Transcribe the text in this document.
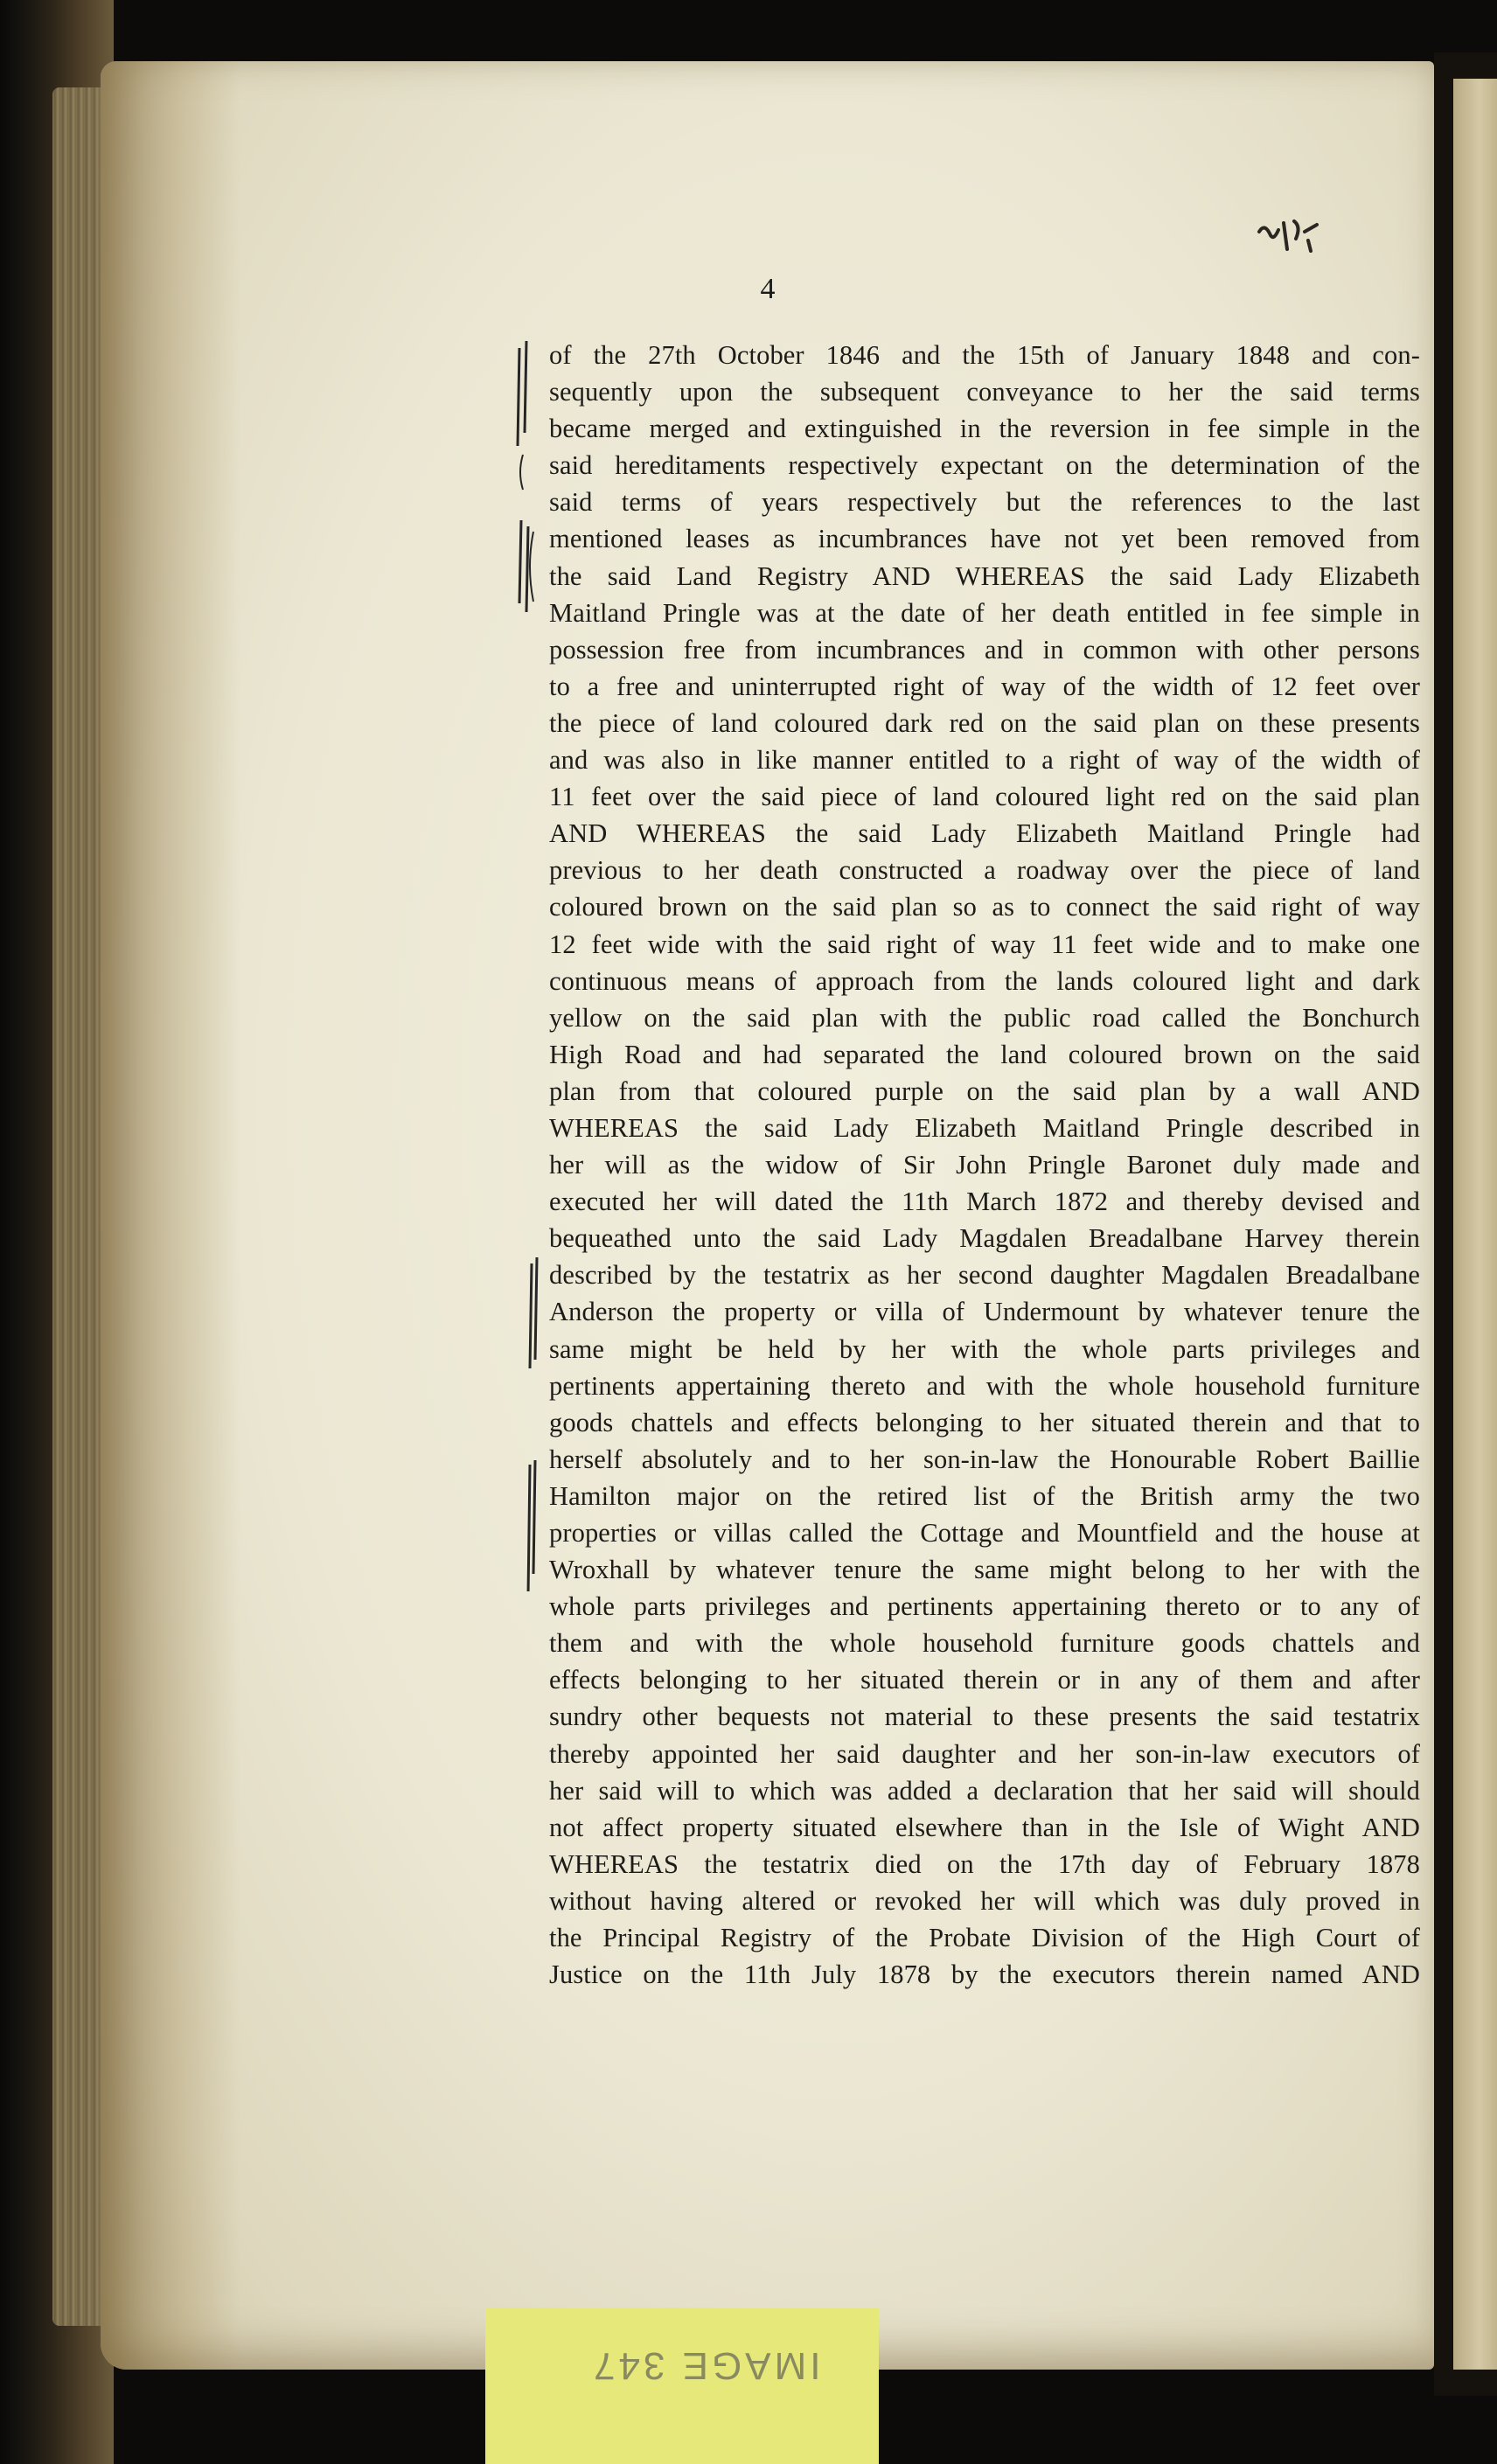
4
of the 27th October 1846 and the 15th of January 1848 and con-
sequently upon the subsequent conveyance to her the said terms
became merged and extinguished in the reversion in fee simple in the
said hereditaments respectively expectant on the determination of the
said terms of years respectively but the references to the last
mentioned leases as incumbrances have not yet been removed from
the said Land Registry AND WHEREAS the said Lady Elizabeth
Maitland Pringle was at the date of her death entitled in fee simple in
possession free from incumbrances and in common with other persons
to a free and uninterrupted right of way of the width of 12 feet over
the piece of land coloured dark red on the said plan on these presents
and was also in like manner entitled to a right of way of the width of
11 feet over the said piece of land coloured light red on the said plan
AND WHEREAS the said Lady Elizabeth Maitland Pringle had
previous to her death constructed a roadway over the piece of land
coloured brown on the said plan so as to connect the said right of way
12 feet wide with the said right of way 11 feet wide and to make one
continuous means of approach from the lands coloured light and dark
yellow on the said plan with the public road called the Bonchurch
High Road and had separated the land coloured brown on the said
plan from that coloured purple on the said plan by a wall AND
WHEREAS the said Lady Elizabeth Maitland Pringle described in
her will as the widow of Sir John Pringle Baronet duly made and
executed her will dated the 11th March 1872 and thereby devised and
bequeathed unto the said Lady Magdalen Breadalbane Harvey therein
described by the testatrix as her second daughter Magdalen Breadalbane
Anderson the property or villa of Undermount by whatever tenure the
same might be held by her with the whole parts privileges and
pertinents appertaining thereto and with the whole household furniture
goods chattels and effects belonging to her situated therein and that to
herself absolutely and to her son-in-law the Honourable Robert Baillie
Hamilton major on the retired list of the British army the two
properties or villas called the Cottage and Mountfield and the house at
Wroxhall by whatever tenure the same might belong to her with the
whole parts privileges and pertinents appertaining thereto or to any of
them and with the whole household furniture goods chattels and
effects belonging to her situated therein or in any of them and after
sundry other bequests not material to these presents the said testatrix
thereby appointed her said daughter and her son-in-law executors of
her said will to which was added a declaration that her said will should
not affect property situated elsewhere than in the Isle of Wight AND
WHEREAS the testatrix died on the 17th day of February 1878
without having altered or revoked her will which was duly proved in
the Principal Registry of the Probate Division of the High Court of
Justice on the 11th July 1878 by the executors therein named AND
IMAGE 347
